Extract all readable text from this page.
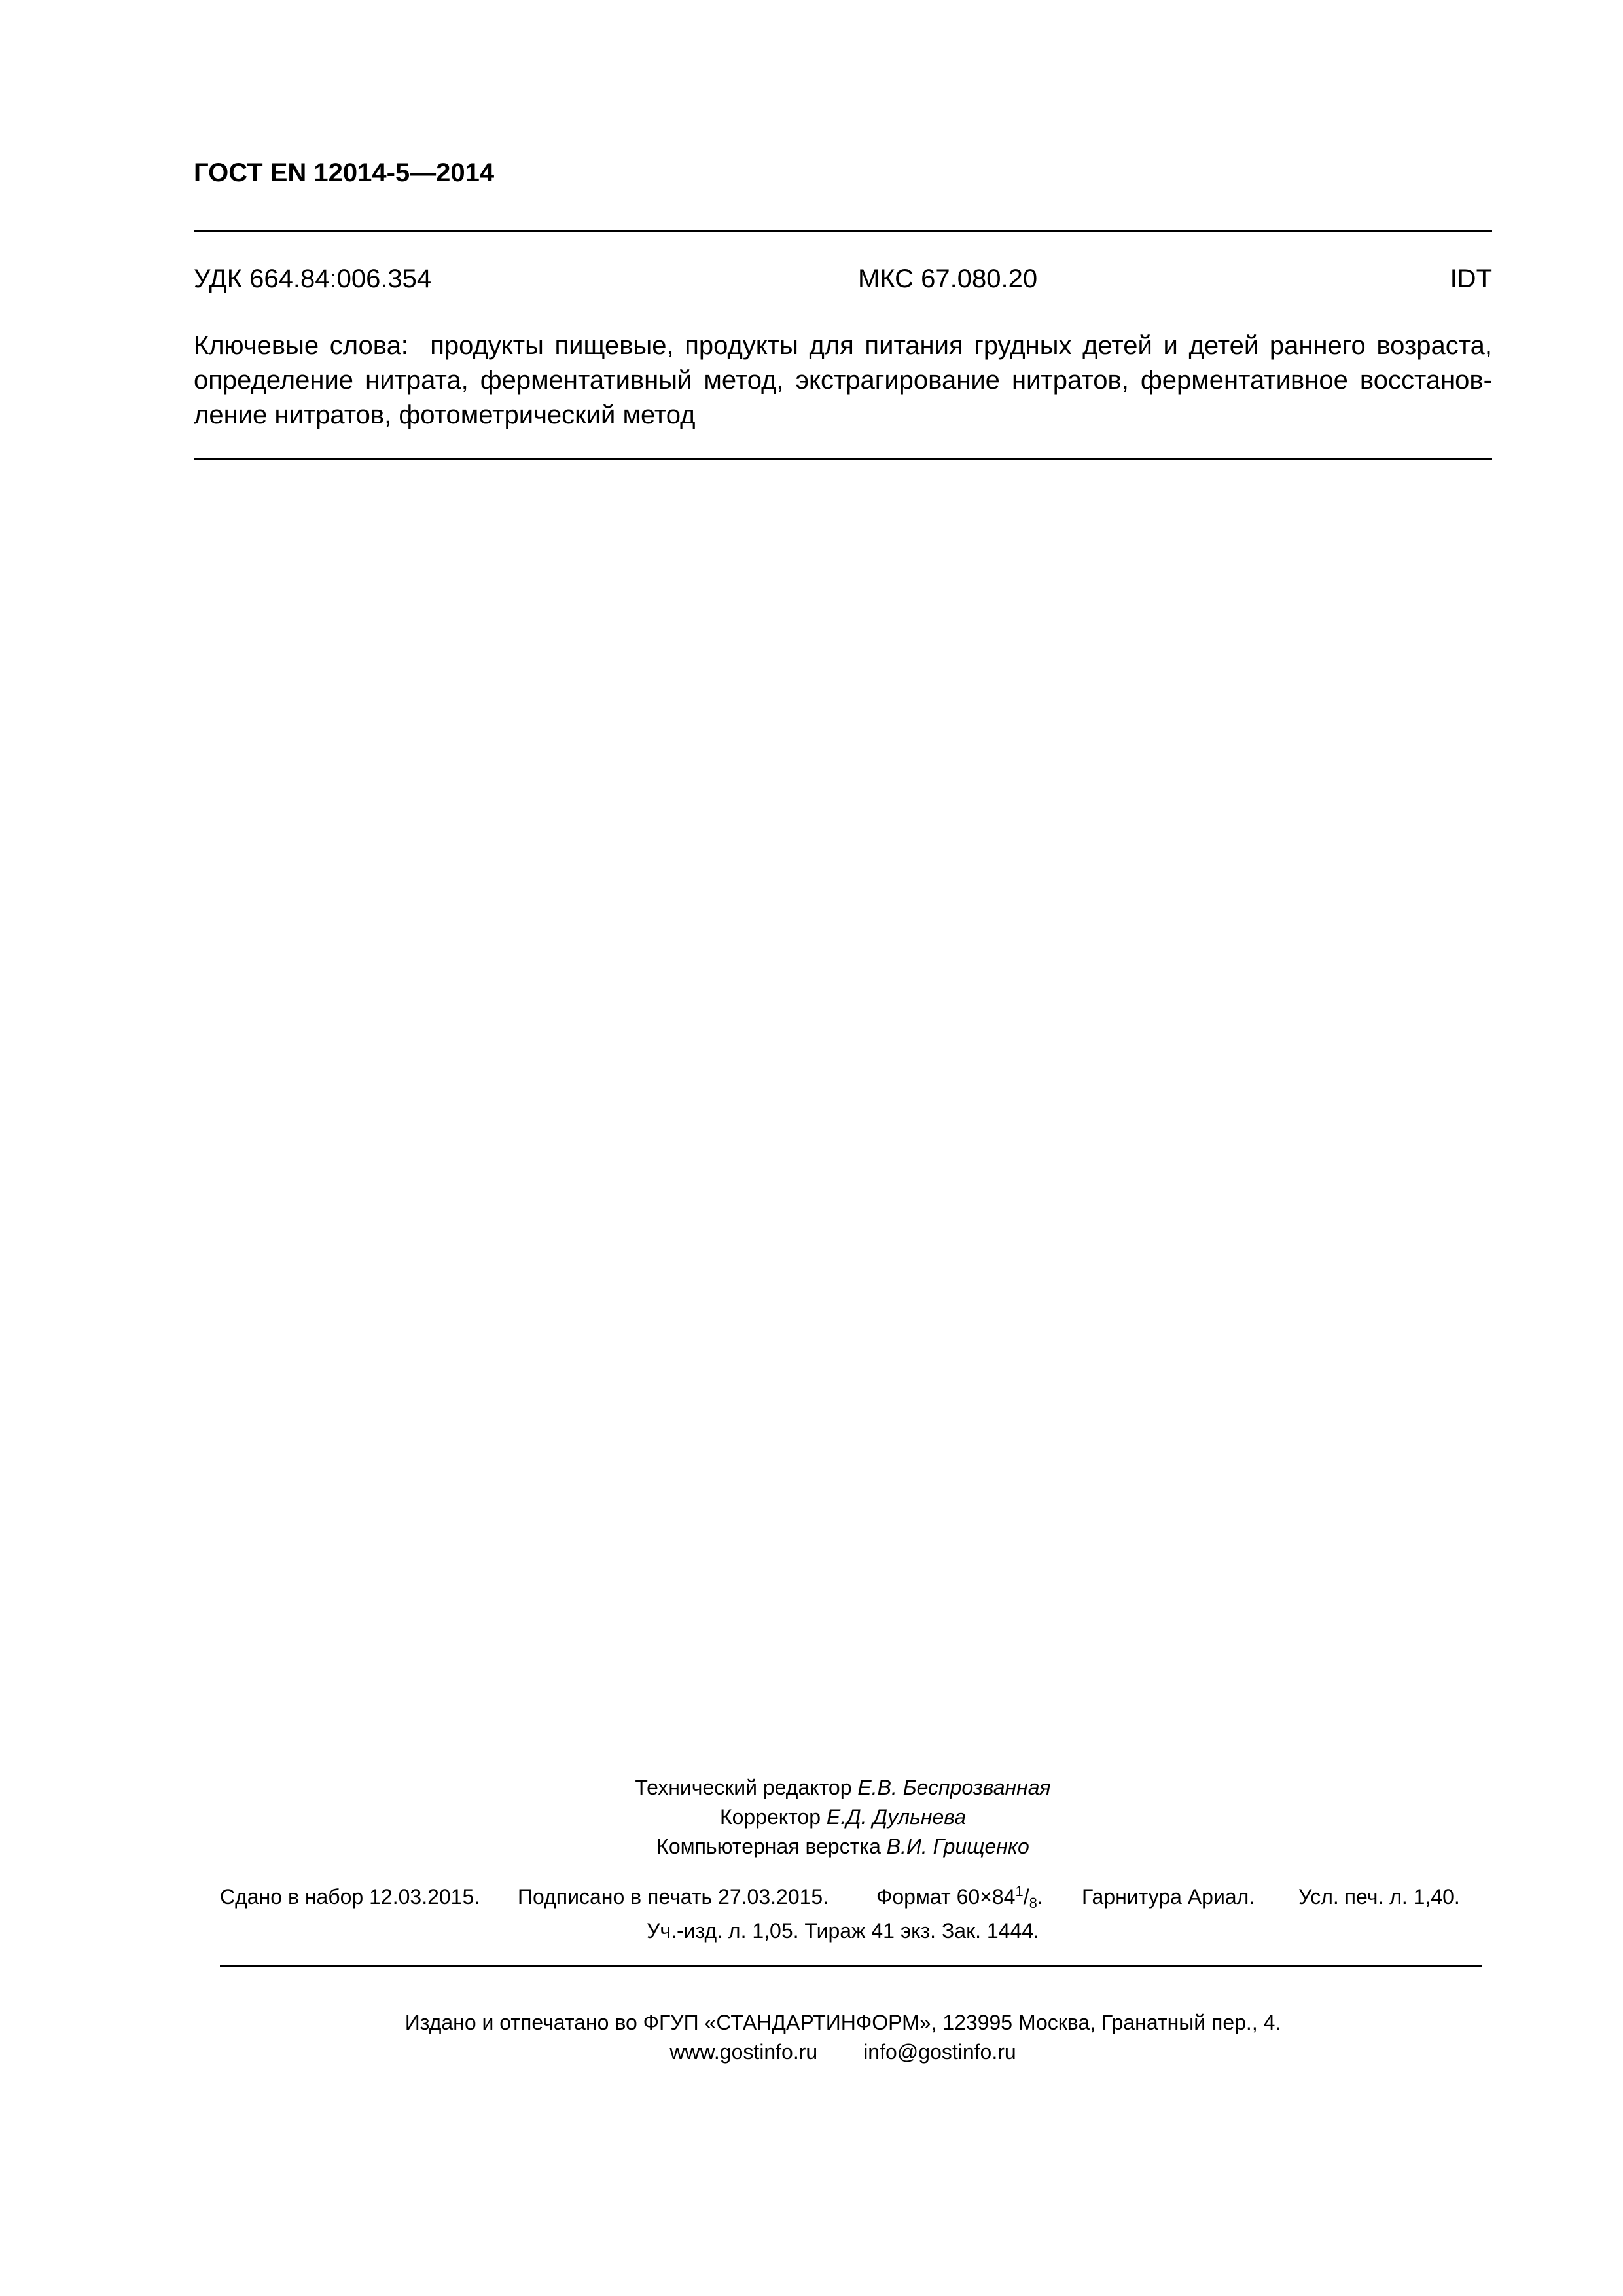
ГОСТ EN 12014-5—2014
УДК 664.84:006.354	МКС 67.080.20	IDT
Ключевые слова: продукты пищевые, продукты для питания грудных детей и детей раннего возраста, определение нитрата, ферментативный метод, экстрагирование нитратов, ферментативное восстанов-ление нитратов, фотометрический метод
Технический редактор Е.В. Беспрозванная
Корректор Е.Д. Дульнева
Компьютерная верстка В.И. Грищенко
Сдано в набор 12.03.2015. Подписано в печать 27.03.2015. Формат $60\times 84^1/8$. Гарнитура Ариал. Усл. печ. л. 1,40.
Уч.-изд. л. 1,05. Тираж 41 экз. Зак. 1444.
Издано и отпечатано во ФГУП «СТАНДАРТИНФОРМ», 123995 Москва, Гранатный пер., 4.
www.gostinfo.ru info@gostinfo.ru
